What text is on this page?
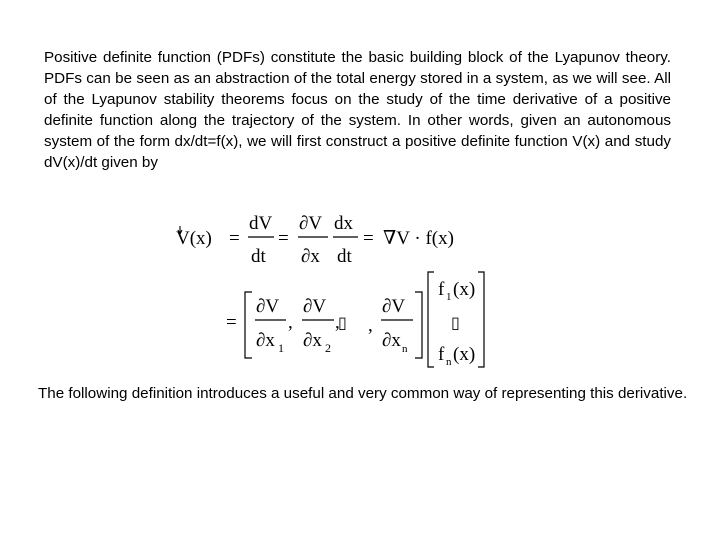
Positive definite function (PDFs) constitute the basic building block of the Lyapunov theory. PDFs can be seen as an abstraction of the total energy stored in a system, as we will see. All of the Lyapunov stability theorems focus on the study of the time derivative of a positive definite function along the trajectory of the system. In other words, given an autonomous system of the form dx/dt=f(x), we will first construct a positive definite function V(x) and study dV(x)/dt given by

V(x) =
dV
dt
=
∂V
∂x
dx
dt
= ∇V · f(x)
=
∂V
∂x 1
,
∂V
∂x 2
,
▯ ,
∂V
∂x n
f 1 (x)
▯
f n (x)

The following definition introduces a useful and very common way of representing this derivative.
